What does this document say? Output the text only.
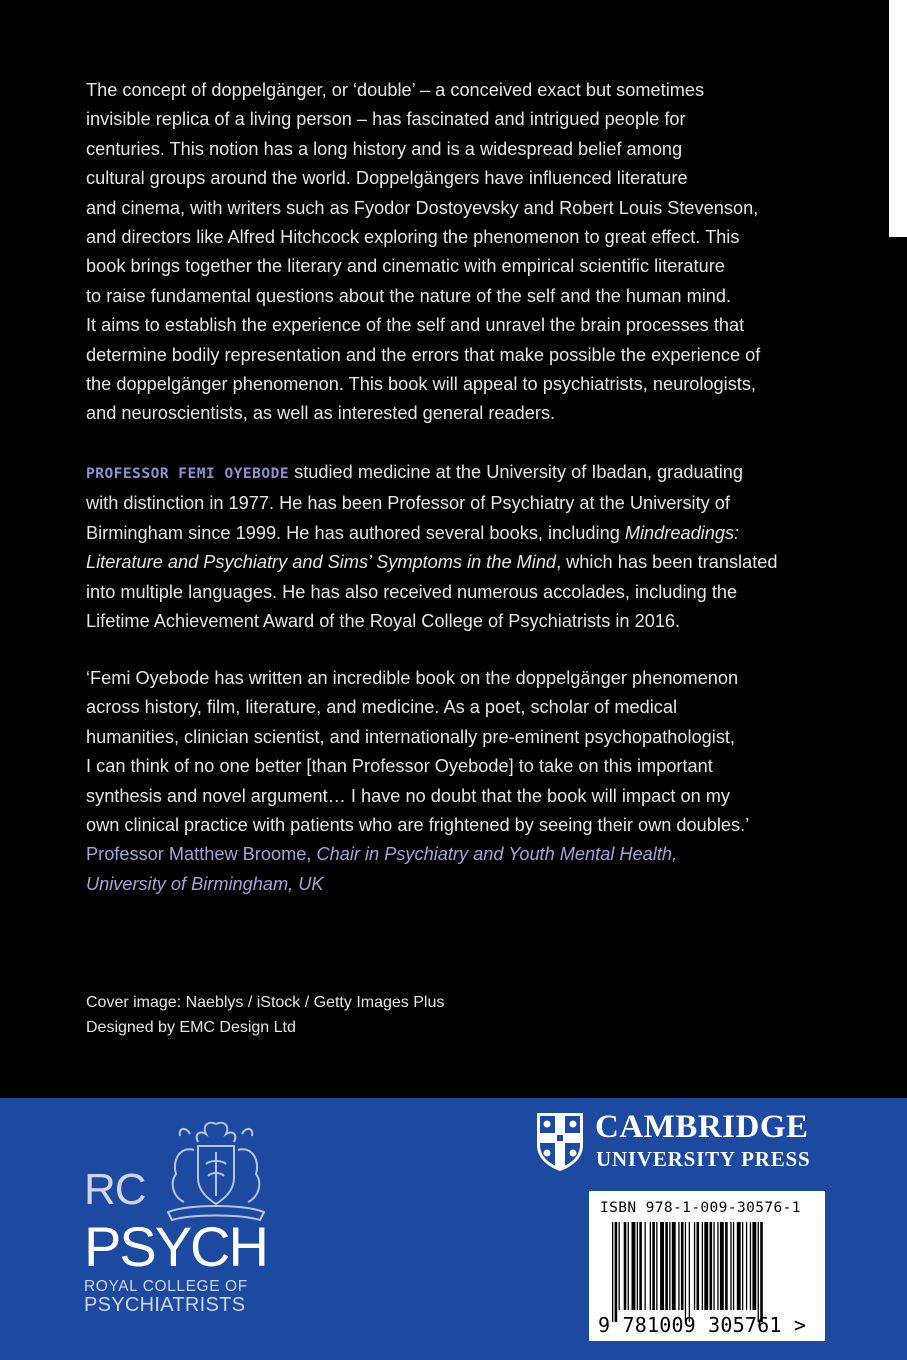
The concept of doppelgänger, or ‘double’ – a conceived exact but sometimes
invisible replica of a living person – has fascinated and intrigued people for
centuries. This notion has a long history and is a widespread belief among
cultural groups around the world. Doppelgängers have influenced literature
and cinema, with writers such as Fyodor Dostoyevsky and Robert Louis Stevenson,
and directors like Alfred Hitchcock exploring the phenomenon to great effect. This
book brings together the literary and cinematic with empirical scientific literature
to raise fundamental questions about the nature of the self and the human mind.
It aims to establish the experience of the self and unravel the brain processes that
determine bodily representation and the errors that make possible the experience of
the doppelgänger phenomenon. This book will appeal to psychiatrists, neurologists,
and neuroscientists, as well as interested general readers.
PROFESSOR FEMI OYEBODE studied medicine at the University of Ibadan, graduating
with distinction in 1977. He has been Professor of Psychiatry at the University of
Birmingham since 1999. He has authored several books, including Mindreadings:
Literature and Psychiatry and Sims’ Symptoms in the Mind, which has been translated
into multiple languages. He has also received numerous accolades, including the
Lifetime Achievement Award of the Royal College of Psychiatrists in 2016.
‘Femi Oyebode has written an incredible book on the doppelgänger phenomenon
across history, film, literature, and medicine. As a poet, scholar of medical
humanities, clinician scientist, and internationally pre-eminent psychopathologist,
I can think of no one better [than Professor Oyebode] to take on this important
synthesis and novel argument… I have no doubt that the book will impact on my
own clinical practice with patients who are frightened by seeing their own doubles.’
Professor Matthew Broome, Chair in Psychiatry and Youth Mental Health,
University of Birmingham, UK
Cover image: Naeblys / iStock / Getty Images Plus
Designed by EMC Design Ltd
RC
PSYCH
ROYAL COLLEGE OF
PSYCHIATRISTS
CAMBRIDGE
UNIVERSITY PRESS
ISBN 978-1-009-30576-1
9 781009 305761 >
